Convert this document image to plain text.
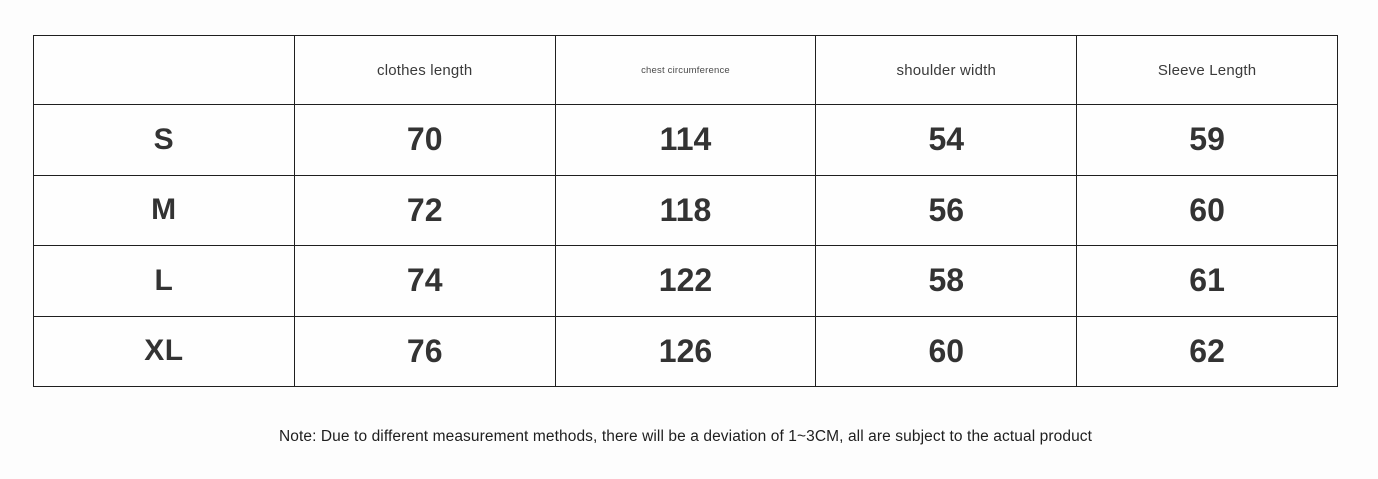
	clothes length	chest circumference	shoulder width	Sleeve Length
S	70	114	54	59
M	72	118	56	60
L	74	122	58	61
XL	76	126	60	62
Note: Due to different measurement methods, there will be a deviation of 1~3CM, all are subject to the actual product
